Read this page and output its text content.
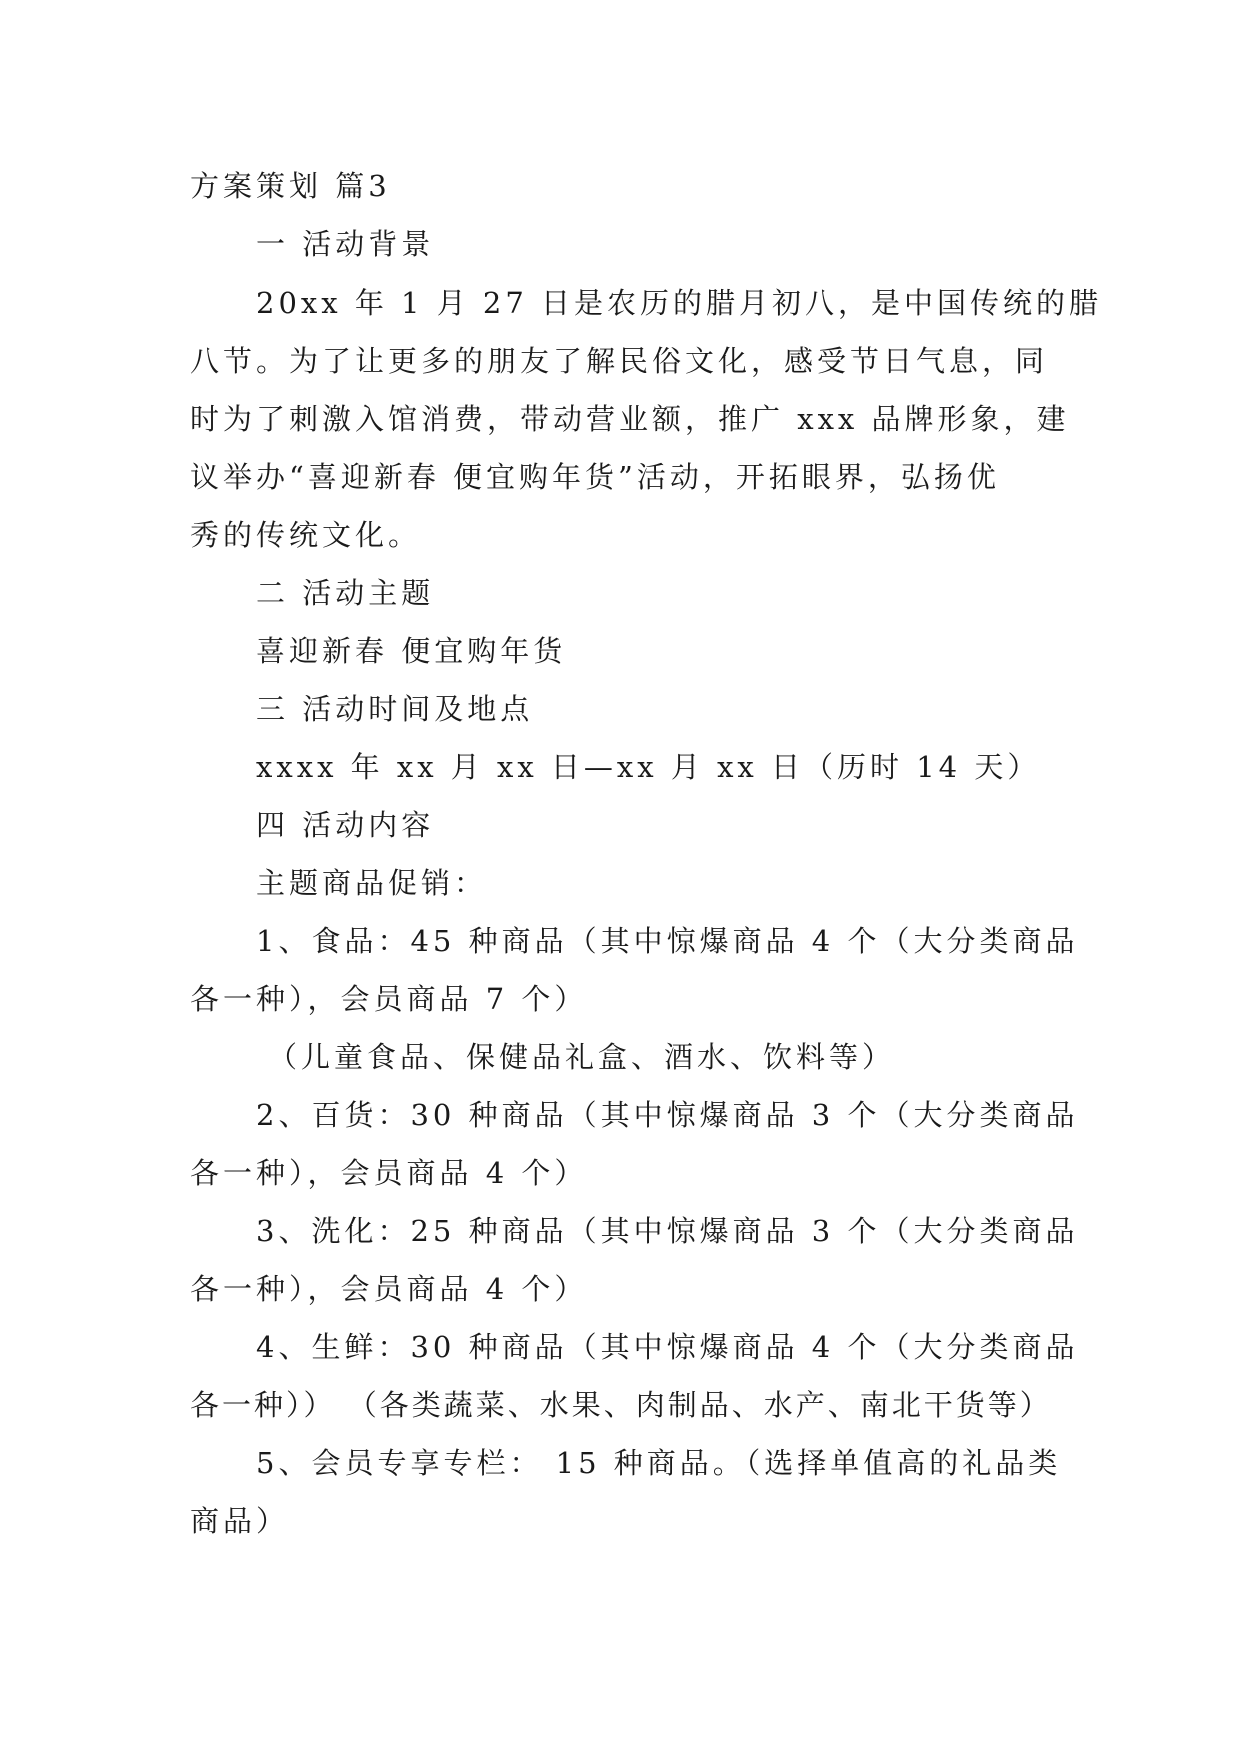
方案策划 篇3
一 活动背景
20xx 年 1 月 27 日是农历的腊月初八，是中国传统的腊
八节。为了让更多的朋友了解民俗文化，感受节日气息，同
时为了刺激入馆消费，带动营业额，推广 xxx 品牌形象，建
议举办“喜迎新春 便宜购年货”活动，开拓眼界，弘扬优
秀的传统文化。
二 活动主题
喜迎新春 便宜购年货
三 活动时间及地点
xxxx 年 xx 月 xx 日—xx 月 xx 日（历时 14 天）
四 活动内容
主题商品促销：
1、食品：45 种商品（其中惊爆商品 4 个（大分类商品
各一种），会员商品 7 个）
（儿童食品、保健品礼盒、酒水、饮料等）
2、百货：30 种商品（其中惊爆商品 3 个（大分类商品
各一种），会员商品 4 个）
3、洗化：25 种商品（其中惊爆商品 3 个（大分类商品
各一种），会员商品 4 个）
4、生鲜：30 种商品（其中惊爆商品 4 个（大分类商品
各一种）） （各类蔬菜、水果、肉制品、水产、南北干货等）
5、会员专享专栏： 15 种商品。（选择单值高的礼品类
商品）
